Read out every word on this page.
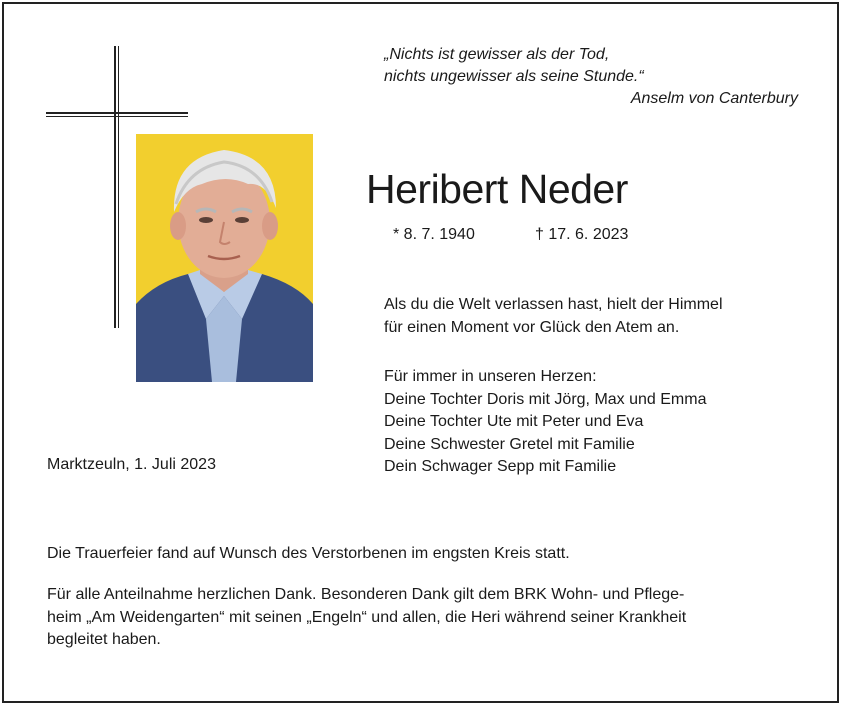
„Nichts ist gewisser als der Tod,
nichts ungewisser als seine Stunde.“
Anselm von Canterbury
Heribert Neder
* 8. 7. 1940	† 17. 6. 2023
Als du die Welt verlassen hast, hielt der Himmel
für einen Moment vor Glück den Atem an.
Für immer in unseren Herzen:
Deine Tochter Doris mit Jörg, Max und Emma
Deine Tochter Ute mit Peter und Eva
Deine Schwester Gretel mit Familie
Dein Schwager Sepp mit Familie
Marktzeuln, 1. Juli 2023
Die Trauerfeier fand auf Wunsch des Verstorbenen im engsten Kreis statt.
Für alle Anteilnahme herzlichen Dank. Besonderen Dank gilt dem BRK Wohn- und Pflege-
heim „Am Weidengarten“ mit seinen „Engeln“ und allen, die Heri während seiner Krankheit
begleitet haben.
